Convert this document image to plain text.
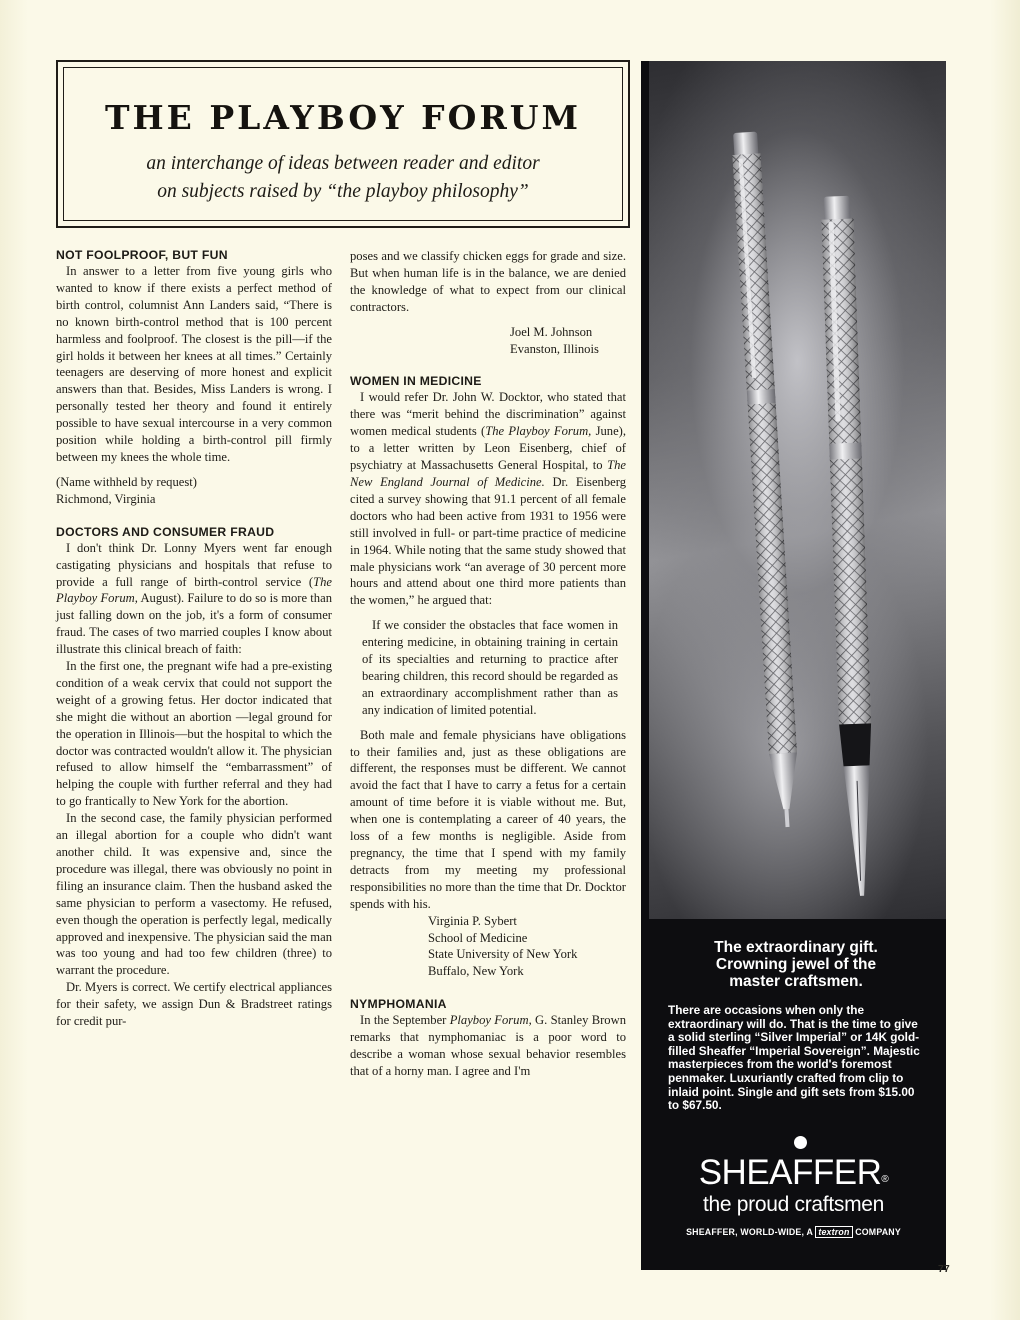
THE PLAYBOY FORUM
an interchange of ideas between reader and editor
on subjects raised by “the playboy philosophy”

NOT FOOLPROOF, BUT FUN

In answer to a letter from five young girls who wanted to know if there exists a perfect method of birth control, columnist Ann Landers said, “There is no known birth-control method that is 100 percent harmless and foolproof. The closest is the pill—if the girl holds it between her knees at all times.” Certainly teenagers are deserving of more honest and explicit answers than that. Besides, Miss Landers is wrong. I personally tested her theory and found it entirely possible to have sexual intercourse in a very common position while holding a birth-control pill firmly between my knees the whole time.

(Name withheld by request)

Richmond, Virginia

DOCTORS AND CONSUMER FRAUD

I don't think Dr. Lonny Myers went far enough castigating physicians and hospitals that refuse to provide a full range of birth-control service (The Playboy Forum, August). Failure to do so is more than just falling down on the job, it's a form of consumer fraud. The cases of two married couples I know about illustrate this clinical breach of faith:

In the first one, the pregnant wife had a pre-existing condition of a weak cervix that could not support the weight of a growing fetus. Her doctor indicated that she might die without an abortion —legal ground for the operation in Illinois—but the hospital to which the doctor was contracted wouldn't allow it. The physician refused to allow himself the “embarrassment” of helping the couple with further referral and they had to go frantically to New York for the abortion.

In the second case, the family physician performed an illegal abortion for a couple who didn't want another child. It was expensive and, since the procedure was illegal, there was obviously no point in filing an insurance claim. Then the husband asked the same physician to perform a vasectomy. He refused, even though the operation is perfectly legal, medically approved and inexpensive. The physician said the man was too young and had too few children (three) to warrant the procedure.

Dr. Myers is correct. We certify electrical appliances for their safety, we assign Dun & Bradstreet ratings for credit pur-

poses and we classify chicken eggs for grade and size. But when human life is in the balance, we are denied the knowledge of what to expect from our clinical contractors.

Joel M. Johnson

Evanston, Illinois

WOMEN IN MEDICINE

I would refer Dr. John W. Docktor, who stated that there was “merit behind the discrimination” against women medical students (The Playboy Forum, June), to a letter written by Leon Eisenberg, chief of psychiatry at Massachusetts General Hospital, to The New England Journal of Medicine. Dr. Eisenberg cited a survey showing that 91.1 percent of all female doctors who had been active from 1931 to 1956 were still involved in full- or part-time practice of medicine in 1964. While noting that the same study showed that male physicians work “an average of 30 percent more hours and attend about one third more patients than the women,” he argued that:

If we consider the obstacles that face women in entering medicine, in obtaining training in certain of its specialties and returning to practice after bearing children, this record should be regarded as an extraordinary accomplishment rather than as any indication of limited potential.

Both male and female physicians have obligations to their families and, just as these obligations are different, the responses must be different. We cannot avoid the fact that I have to carry a fetus for a certain amount of time before it is viable without me. But, when one is contemplating a career of 40 years, the loss of a few months is negligible. Aside from pregnancy, the time that I spend with my family detracts from my meeting my professional responsibilities no more than the time that Dr. Docktor spends with his.

Virginia P. Sybert

School of Medicine

State University of New York

Buffalo, New York

NYMPHOMANIA

In the September Playboy Forum, G. Stanley Brown remarks that nymphomaniac is a poor word to describe a woman whose sexual behavior resembles that of a horny man. I agree and I'm

The extraordinary gift.
Crowning jewel of the
master craftsmen.
There are occasions when only the extraordinary will do. That is the time to give a solid sterling “Silver Imperial” or 14K gold-filled Sheaffer “Imperial Sovereign”. Majestic masterpieces from the world's foremost penmaker. Luxuriantly crafted from clip to inlaid point. Single and gift sets from $15.00 to $67.50.
SHEAFFER®
the proud craftsmen
SHEAFFER, WORLD-WIDE, A textron COMPANY
77
